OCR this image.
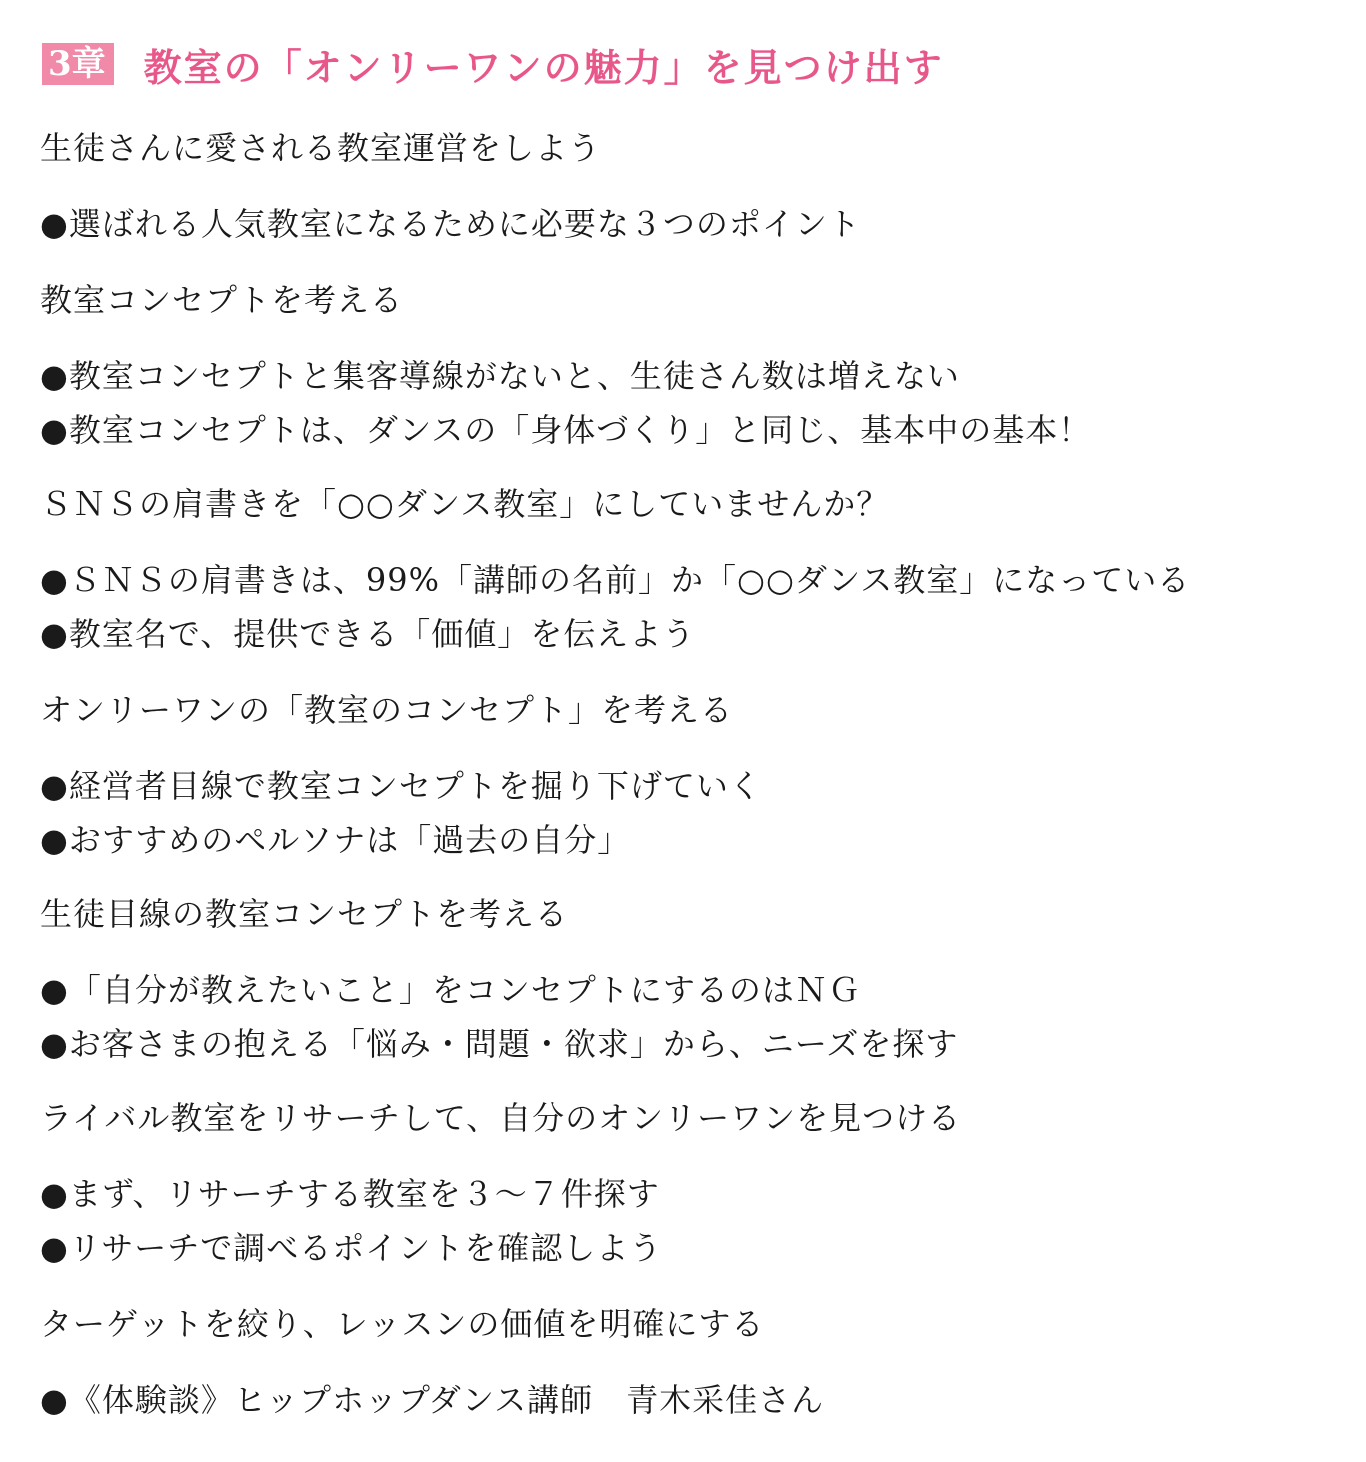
3章 教室の「オンリーワンの魅力」を見つけ出す
生徒さんに愛される教室運営をしよう
●選ばれる人気教室になるために必要な３つのポイント
教室コンセプトを考える
●教室コンセプトと集客導線がないと、生徒さん数は増えない
●教室コンセプトは、ダンスの「身体づくり」と同じ、基本中の基本！
ＳＮＳの肩書きを「○○ダンス教室」にしていませんか？
●ＳＮＳの肩書きは、99%「講師の名前」か「○○ダンス教室」になっている
●教室名で、提供できる「価値」を伝えよう
オンリーワンの「教室のコンセプト」を考える
●経営者目線で教室コンセプトを掘り下げていく
●おすすめのペルソナは「過去の自分」
生徒目線の教室コンセプトを考える
●「自分が教えたいこと」をコンセプトにするのはＮＧ
●お客さまの抱える「悩み・問題・欲求」から、ニーズを探す
ライバル教室をリサーチして、自分のオンリーワンを見つける
●まず、リサーチする教室を３～７件探す
●リサーチで調べるポイントを確認しよう
ターゲットを絞り、レッスンの価値を明確にする
●《体験談》ヒップホップダンス講師　青木采佳さん
